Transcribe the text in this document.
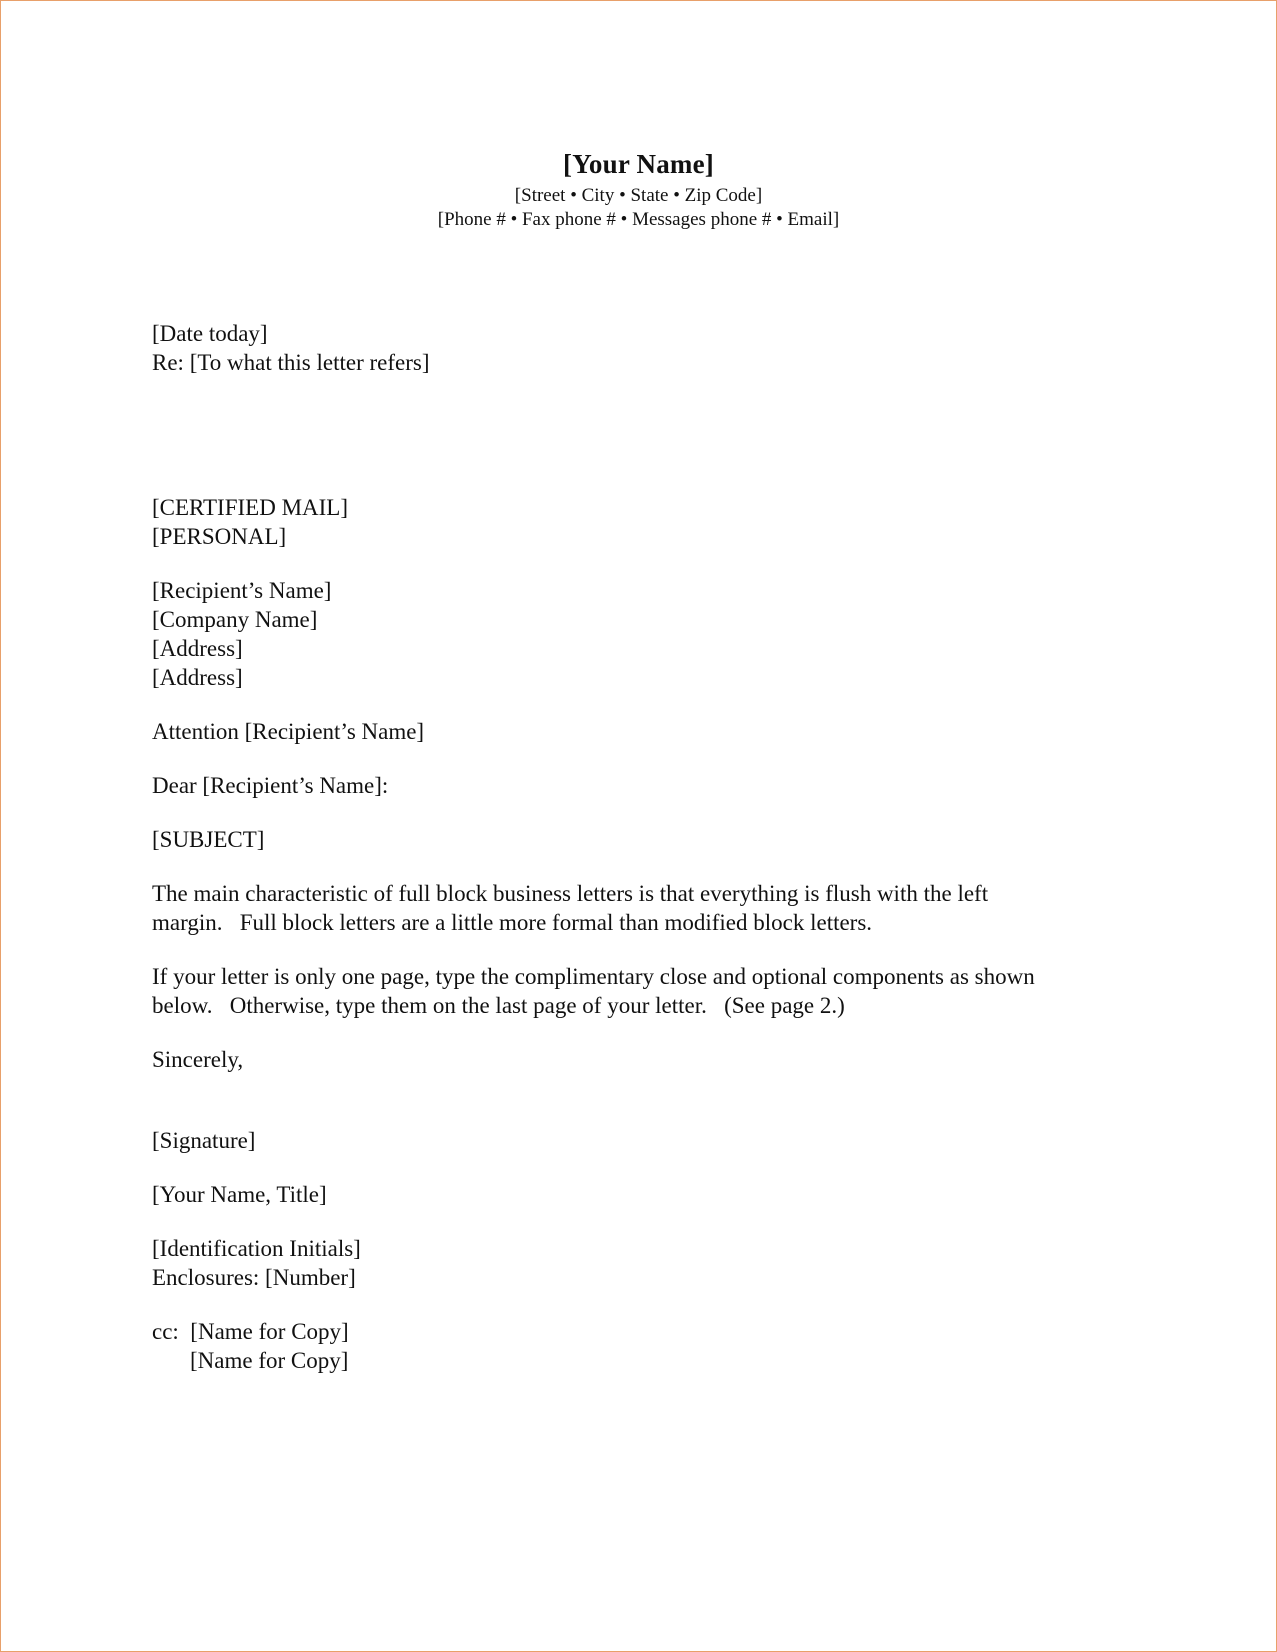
[Your Name]
[Street • City • State • Zip Code]
[Phone # • Fax phone # • Messages phone # • Email]
[Date today]
Re: [To what this letter refers]
[CERTIFIED MAIL]
[PERSONAL]
[Recipient’s Name]
[Company Name]
[Address]
[Address]
Attention [Recipient’s Name]
Dear [Recipient’s Name]:
[SUBJECT]
The main characteristic of full block business letters is that everything is flush with the left
margin.   Full block letters are a little more formal than modified block letters.
If your letter is only one page, type the complimentary close and optional components as shown
below.   Otherwise, type them on the last page of your letter.   (See page 2.)
Sincerely,
[Signature]
[Your Name, Title]
[Identification Initials]
Enclosures: [Number]
cc:  [Name for Copy]
[Name for Copy]
